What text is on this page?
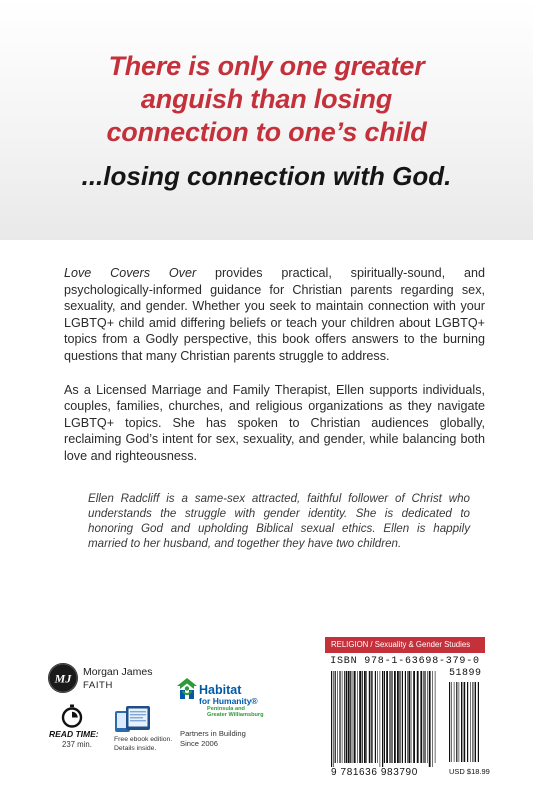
There is only one greater
anguish than losing
connection to one’s child
...losing connection with God.

Love Covers Over provides practical, spiritually-sound, and psychologically-informed guidance for Christian parents regarding sex, sexuality, and gender. Whether you seek to maintain connection with your LGBTQ+ child amid differing beliefs or teach your children about LGBTQ+ topics from a Godly perspective, this book offers answers to the burning questions that many Christian parents struggle to address.

As a Licensed Marriage and Family Therapist, Ellen supports individuals, couples, families, churches, and religious organizations as they navigate LGBTQ+ topics. She has spoken to Christian audiences globally, reclaiming God’s intent for sex, sexuality, and gender, while balancing both love and righteousness.

Ellen Radcliff is a same-sex attracted, faithful follower of Christ who understands the struggle with gender identity. She is dedicated to honoring God and upholding Biblical sexual ethics. Ellen is happily married to her husband, and together they have two children.

RELIGION / Sexuality & Gender Studies
ISBN 978-1-63698-379-0
51899
9 781636 983790	USD $18.99
MJ Morgan James
FAITH
READ TIME:
237 min.
Free ebook edition.
Details inside.
Habitat
for Humanity®
Peninsula and
Greater Williamsburg
Partners in Building
Since 2006
